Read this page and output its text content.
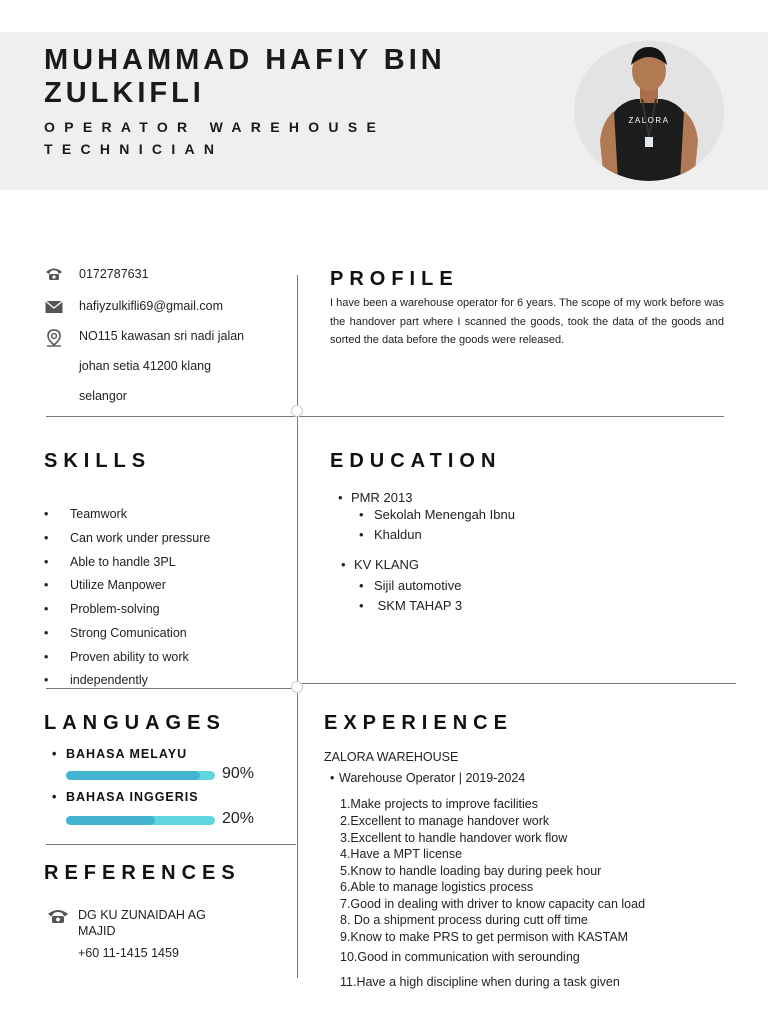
MUHAMMAD HAFIY BIN ZULKIFLI
OPERATOR WAREHOUSE TECHNICIAN
ZALORA
0172787631
hafiyzulkifli69@gmail.com
NO115 kawasan sri nadi jalan
johan setia 41200 klang
selangor
PROFILE
I have been a warehouse operator for 6 years. The scope of my work before was the handover part where I scanned the goods, took the data of the goods and sorted the data before the goods were released.
SKILLS
• Teamwork
• Can work under pressure
• Able to handle 3PL
• Utilize Manpower
• Problem-solving
• Strong Comunication
• Proven ability to work
• independently
EDUCATION
• PMR 2013
• Sekolah Menengah Ibnu
• Khaldun
• KV KLANG
• Sijil automotive
• SKM TAHAP 3
LANGUAGES
• BAHASA MELAYU
90%
• BAHASA INGGERIS
20%
REFERENCES
DG KU ZUNAIDAH AG
MAJID
+60 11-1415 1459
EXPERIENCE
ZALORA WAREHOUSE
• Warehouse Operator | 2019-2024
1.Make projects to improve facilities
2.Excellent to manage handover work
3.Excellent to handle handover work flow
4.Have a MPT license
5.Know to handle loading bay during peek hour
6.Able to manage logistics process
7.Good in dealing with driver to know capacity can load
8. Do a shipment process during cutt off time
9.Know to make PRS to get permison with KASTAM
10.Good in communication with serounding
11.Have a high discipline when during a task given
